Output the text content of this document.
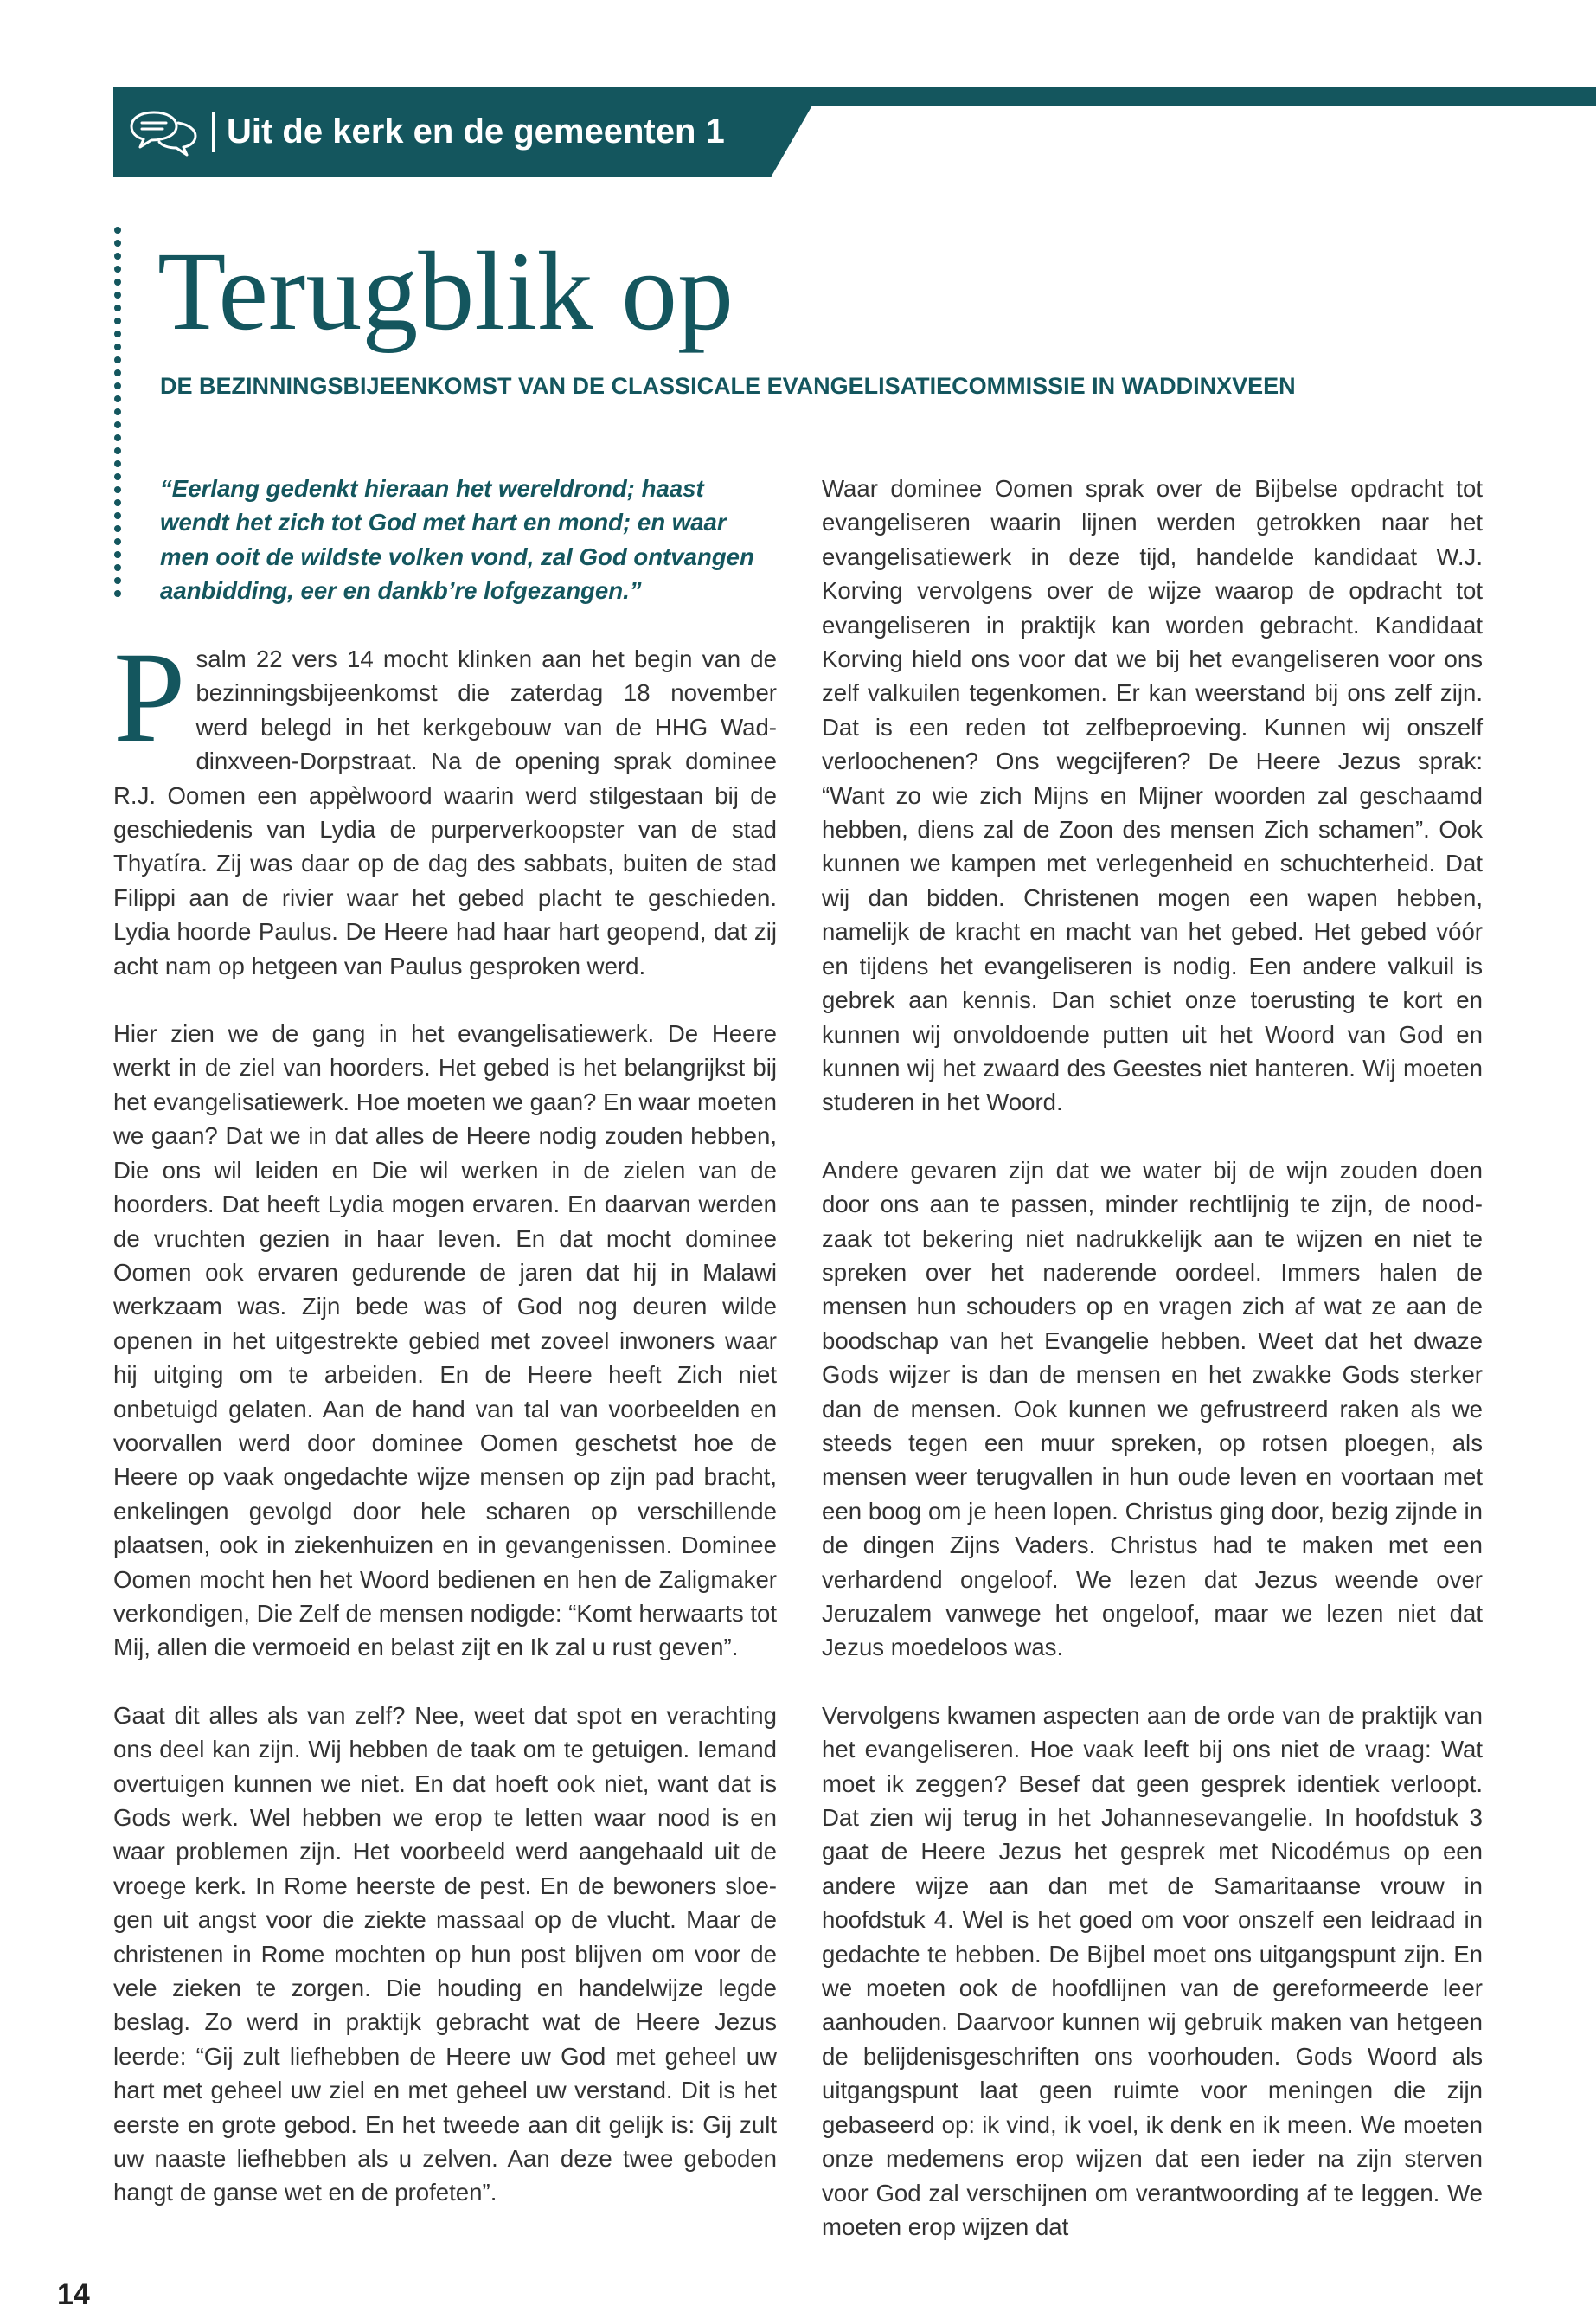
Uit de kerk en de gemeenten 1
Terugblik op
DE BEZINNINGSBIJEENKOMST VAN DE CLASSICALE EVANGELISATIECOMMISSIE IN WADDINXVEEN

“Eerlang gedenkt hieraan het wereldrond; haast wendt het zich tot God met hart en mond; en waar men ooit de wildste volken vond, zal God ontvangen aanbidding, eer en dankb’re lofgezangen.”

Psalm 22 vers 14 mocht klinken aan het begin van de bezinningsbijeenkomst die zaterdag 18 november werd belegd in het kerkgebouw van de HHG Waddinxveen-Dorpstraat. Na de opening sprak dominee R.J. Oomen een appèlwoord waarin werd stilgestaan bij de geschiedenis van Lydia de purperverkoopster van de stad Thyatíra. Zij was daar op de dag des sabbats, buiten de stad Filippi aan de rivier waar het gebed placht te geschieden. Lydia hoorde Paulus. De Heere had haar hart geopend, dat zij acht nam op hetgeen van Paulus gesproken werd.

Hier zien we de gang in het evangelisatiewerk. De Heere werkt in de ziel van hoorders. Het gebed is het belangrijkst bij het evangelisatiewerk. Hoe moeten we gaan? En waar moeten we gaan? Dat we in dat alles de Heere nodig zouden hebben, Die ons wil leiden en Die wil werken in de zielen van de hoorders. Dat heeft Lydia mogen ervaren. En daarvan werden de vruchten gezien in haar leven. En dat mocht dominee Oomen ook ervaren gedurende de jaren dat hij in Malawi werkzaam was. Zijn bede was of God nog deuren wilde openen in het uitgestrekte gebied met zoveel inwoners waar hij uitging om te arbeiden. En de Heere heeft Zich niet onbetuigd gelaten. Aan de hand van tal van voorbeelden en voorvallen werd door dominee Oomen geschetst hoe de Heere op vaak ongedachte wijze mensen op zijn pad bracht, enkelingen gevolgd door hele scharen op verschillende plaatsen, ook in ziekenhuizen en in gevangenissen. Dominee Oomen mocht hen het Woord bedienen en hen de Zaligmaker verkondigen, Die Zelf de mensen nodigde: “Komt herwaarts tot Mij, allen die vermoeid en belast zijt en Ik zal u rust geven”.

Gaat dit alles als van zelf? Nee, weet dat spot en verachting ons deel kan zijn. Wij hebben de taak om te getuigen. Iemand overtuigen kunnen we niet. En dat hoeft ook niet, want dat is Gods werk. Wel hebben we erop te letten waar nood is en waar problemen zijn. Het voorbeeld werd aangehaald uit de vroege kerk. In Rome heerste de pest. En de bewoners sloegen uit angst voor die ziekte massaal op de vlucht. Maar de christenen in Rome mochten op hun post blijven om voor de vele zieken te zorgen. Die houding en handelwijze legde beslag. Zo werd in praktijk gebracht wat de Heere Jezus leerde: “Gij zult liefhebben de Heere uw God met geheel uw hart met geheel uw ziel en met geheel uw verstand. Dit is het eerste en grote gebod. En het tweede aan dit gelijk is: Gij zult uw naaste liefhebben als u zelven. Aan deze twee geboden hangt de ganse wet en de profeten”.

Waar dominee Oomen sprak over de Bijbelse opdracht tot evangeliseren waarin lijnen werden getrokken naar het evangelisatiewerk in deze tijd, handelde kandidaat W.J. Korving vervolgens over de wijze waarop de opdracht tot evangeliseren in praktijk kan worden gebracht. Kandidaat Korving hield ons voor dat we bij het evangeliseren voor ons zelf valkuilen tegenkomen. Er kan weerstand bij ons zelf zijn. Dat is een reden tot zelfbeproeving. Kunnen wij onszelf verloochenen? Ons wegcijferen? De Heere Jezus sprak: “Want zo wie zich Mijns en Mijner woorden zal geschaamd hebben, diens zal de Zoon des mensen Zich schamen”. Ook kunnen we kampen met verlegenheid en schuchterheid. Dat wij dan bidden. Christenen mogen een wapen hebben, namelijk de kracht en macht van het gebed. Het gebed vóór en tijdens het evangeliseren is nodig. Een andere valkuil is gebrek aan kennis. Dan schiet onze toerusting te kort en kunnen wij onvoldoende putten uit het Woord van God en kunnen wij het zwaard des Geestes niet hanteren. Wij moeten studeren in het Woord.

Andere gevaren zijn dat we water bij de wijn zouden doen door ons aan te passen, minder rechtlijnig te zijn, de noodzaak tot bekering niet nadrukkelijk aan te wijzen en niet te spreken over het naderende oordeel. Immers halen de mensen hun schouders op en vragen zich af wat ze aan de boodschap van het Evangelie hebben. Weet dat het dwaze Gods wijzer is dan de mensen en het zwakke Gods sterker dan de mensen. Ook kunnen we gefrustreerd raken als we steeds tegen een muur spreken, op rotsen ploegen, als mensen weer terugvallen in hun oude leven en voortaan met een boog om je heen lopen. Christus ging door, bezig zijnde in de dingen Zijns Vaders. Christus had te maken met een verhardend ongeloof. We lezen dat Jezus weende over Jeruzalem vanwege het ongeloof, maar we lezen niet dat Jezus moedeloos was.

Vervolgens kwamen aspecten aan de orde van de praktijk van het evangeliseren. Hoe vaak leeft bij ons niet de vraag: Wat moet ik zeggen? Besef dat geen gesprek identiek verloopt. Dat zien wij terug in het Johannesevangelie. In hoofdstuk 3 gaat de Heere Jezus het gesprek met Nicodémus op een andere wijze aan dan met de Samaritaanse vrouw in hoofdstuk 4. Wel is het goed om voor onszelf een leidraad in gedachte te hebben. De Bijbel moet ons uitgangspunt zijn. En we moeten ook de hoofdlijnen van de gereformeerde leer aanhouden. Daarvoor kunnen wij gebruik maken van hetgeen de belijdenisgeschriften ons voorhouden. Gods Woord als uitgangspunt laat geen ruimte voor meningen die zijn gebaseerd op: ik vind, ik voel, ik denk en ik meen. We moeten onze medemens erop wijzen dat een ieder na zijn sterven voor God zal verschijnen om verantwoording af te leggen. We moeten erop wijzen dat

14
